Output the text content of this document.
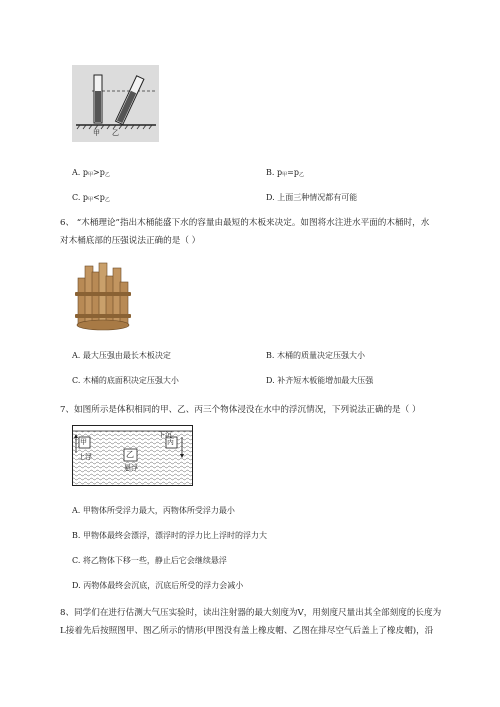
甲 乙
A. $p_甲>p_乙$	B. $p_甲=p_乙$
C. $p_甲<p_乙$	D. 上面三种情况都有可能
6、 “木桶理论”指出木桶能盛下水的容量由最短的木板来决定。如图将水注进水平面的木桶时，水
对木桶底部的压强说法正确的是（ ）
A. 最大压强由最长木板决定	B. 木桶的质量决定压强大小
C. 木桶的底面积决定压强大小	D. 补齐短木板能增加最大压强
7、如图所示是体积相同的甲、乙、丙三个物体浸没在水中的浮沉情况，下列说法正确的是（ ）
甲
上浮	乙
悬浮
丙
下沉
A. 甲物体所受浮力最大，丙物体所受浮力最小
B. 甲物体最终会漂浮，漂浮时的浮力比上浮时的浮力大
C. 将乙物体下移一些，静止后它会继续悬浮
D. 丙物体最终会沉底，沉底后所受的浮力会减小
8、同学们在进行估测大气压实验时，读出注射器的最大刻度为V，用刻度尺量出其全部刻度的长度为
L接着先后按照图甲、图乙所示的情形(甲图没有盖上橡皮帽、乙图在排尽空气后盖上了橡皮帽)，沿
